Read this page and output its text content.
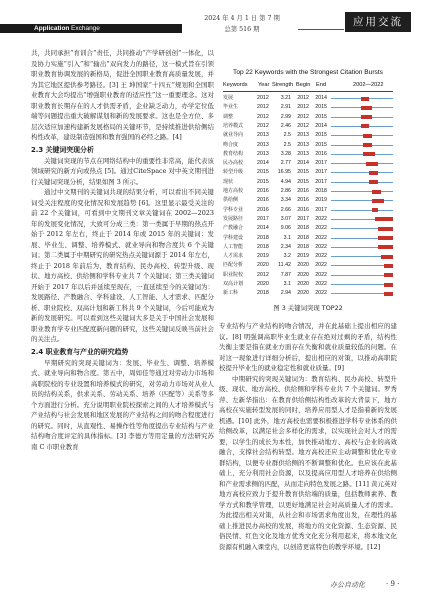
Application Exchange
2024 年 4 月 1 日 第 7 期
总第 516 期
应用交流

共，共同承担“育训合”责任，共同推动“产学研创创”一体化，以及协力实施“引入”和“输出”双向发力的路径，这一模式旨在引领职业教育协调发展的新格局，促进全国职业教育高质量发展，并为其它地区提供参考路径。[3] 王 坤国家“十四五”规划和全国职业教育大会均提出“增强职业教育的适应性”这一重要理念。这对职业教育长期存在的人才供需矛盾，企业缺乏动力，办学定位低端等问题提出重大破解谋划和新的发展要求。这也是全方位、多层次适应加速构建新发展格局的关键环节，是持续推进供给侧结构性改革，建设制造强国和教育强国的必经之路。[4]

2.3 关键词突现分析

关键词突现的节点在网络结构中的重要性非常高，能代表该领域研究的新方向或热点 [5]。通过CiteSpace 对中英文期刊进行关键词突现分析，结果如图 3 所示。

通过中文期刊的关键词共现的结果分析，可以看出不同关键词受关注程度的变化情况和发展趋势 [6]。这里显示最受关注的前 22 个关键词，可看到中文期刊文章关键词在 2002—2023 年的发展变化情况，大致可分成三类：第一类属于早期的热点开始于 2012 年左右，终止于 2014 年或 2015 年的关键词：发展、毕业生、调整、培养模式、就业导向和物合度共 6 个关键词；第二类属于中期研究的研究热点关键词源于 2014 年左右，终止于 2018 年前后为，教育结构、民办高校、转型升级、现状、地方高校、供给侧和学科专业共 7 个关键词；第三类关键词开始于 2017 年以后并延续至现在，一直延续至今的关键词为：发展路径、产教融合、学科建设、人工智能、人才需求、匹配分析、职业院校、双高计划和新工科共 9 个关键词，今后可能成为新的发展研究。可以看到这些关键词大多是关于中国社会发展和职业教育学专业匹配度新问题的研究，这些关键词反映当前社会的关注点。

2.4 职业教育与产业的研究趋势

早期研究的突现关键词为：发展、毕业生、调整、培养模式、就业导向和物合度。第五中，周如佳等通过对劳动力市场和高职院校的专业设置和培养模式的研究，对劳动力市场对从业人员的结构关系，供求关系、劳动关系、培养（匹配等）关系等多个方面进行分析。充分说明职业院校探索之间的人才培养模式与产业结构与社会发展和地区发展的产业结构之间的吻合程度进行的研究。同时，从直观性、易操作性等角度提出专业结构与产业结构吻合度评定的具体指标。[3] 李德方等用定量的方法研究苏南 C 市职业教育

Top 22 Keywords with the Strongest Citation Bursts
Keywords Year Strength Begin End	2002—2022
发展	2012	3.21	2012	2014
毕业生	2012	2.91	2012	2015
调整	2012	2.99	2012	2015
培养模式	2012	2.46	2012	2014
就业导向	2013	2.5	2013	2015
吻合度	2013	2.5	2013	2015
教育结构	2013	3.28	2013	2016
民办高校	2014	2.77	2014	2017
转型升级	2015	16.95	2015	2017
现状	2015	4.94	2015	2017
地方高校	2016	2.86	2016	2018
供给侧	2016	3.34	2016	2019
学科专业	2016	2.66	2016	2017
发展路径	2017	3.07	2017	2022
产教融合	2014	9.06	2018	2022
学科建设	2018	3.1	2018	2022
人工智能	2018	2.34	2018	2022
人才需求	2019	3.2	2019	2022
匹配分析	2020	11.42	2020	2022
职业院校	2012	7.87	2020	2022
双高计划	2020	3.1	2020	2022
新工科	2018	2.94	2020	2022
图 3 关键词突现 TOP22

专业结构与产业结构的吻合情况，并在此基础上提出相应的建议。[8] 明强调高职毕业生就业存在绝对过剩的矛盾，结构性失衡主要是指在就业方面存在失衡和就业质量较低的问题。在对这一现象进行详细分析后，提出相应的对策，以推动高职院校提升毕业生的就业稳定性和就业质量。[9]

中期研究的突现关键词为：教育结构、民办高校、转型升级、现状、地方高校、供给侧和学科专业共 7 个关键词。罗秀萍、左新华指出：在教育供给侧结构性改革的大背景下，地方高校在实施转型发展的同时，培养应用型人才是指着新的发展机遇。[10] 此外，地方高校也需要积极推进学科专业体系的供给侧改革，以满足社会多样化的需求，以实现社会对人才的需要，以学生的成长为本性，加快推动地方、高校与企业的高效融合，支撑社会结构转型。地方高校还应主动调整和优化专业群结构，以便专业群供给侧的不断调整和优化。也应该在此基础上，充分利用社会资源，以及提高应用型人才培养在供给侧和产业需求侧的匹配，从而走向特色发展之路。[11] 黄元英对地方高校应致力于提升教育供给端的质量，包括教师素养、教学方式和教学管理，以更好地满足社会对高质量人才的需求。为此提出相关对策，从社会和市场需求角度出发，在理性的基础上推进民办高校的发展，将地方的文化资源、生态资源、民俗民情、红色文化及地方优秀文化充分利用起来，将本地文化资源有机融入课堂内，以创造更富特色的教学环境。[12]

办公自动化	· 9 ·
